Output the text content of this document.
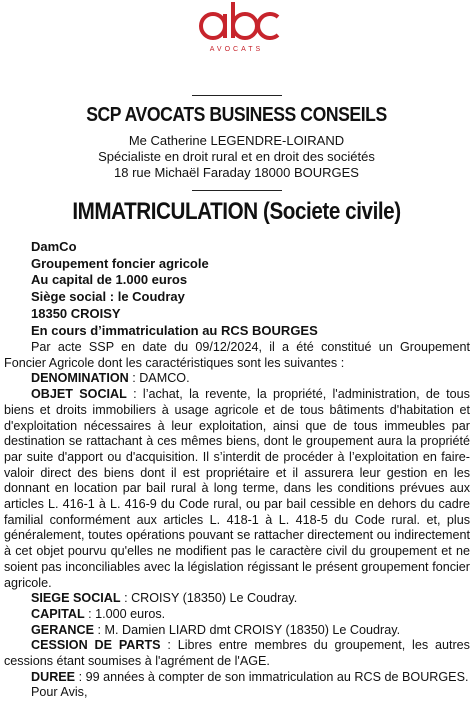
AVOCATS
SCP AVOCATS BUSINESS CONSEILS
Me Catherine LEGENDRE-LOIRAND
Spécialiste en droit rural et en droit des sociétés
18 rue Michaël Faraday 18000 BOURGES
IMMATRICULATION (Societe civile)
DamCo
Groupement foncier agricole
Au capital de 1.000 euros
Siège social : le Coudray
18350 CROISY
En cours d’immatriculation au RCS BOURGES

Par acte SSP en date du 09/12/2024, il a été constitué un Groupement Foncier Agricole dont les caractéristiques sont les suivantes :

DENOMINATION : DAMCO.

OBJET SOCIAL : l’achat, la revente, la propriété, l'administration, de tous biens et droits immobiliers à usage agricole et de tous bâtiments d'habitation et d'exploitation nécessaires à leur exploitation, ainsi que de tous immeubles par destination se rattachant à ces mêmes biens, dont le groupement aura la propriété par suite d'apport ou d'acquisition. Il s’interdit de procéder à l’exploitation en faire-valoir direct des biens dont il est propriétaire et il assurera leur gestion en les donnant en location par bail rural à long terme, dans les conditions prévues aux articles L. 416-1 à L. 416-9 du Code rural, ou par bail cessible en dehors du cadre familial conformément aux articles L. 418-1 à L. 418-5 du Code rural. et, plus généralement, toutes opérations pouvant se rattacher directement ou indirectement à cet objet pourvu qu'elles ne modifient pas le caractère civil du groupement et ne soient pas inconciliables avec la législation régissant le présent groupement foncier agricole.

SIEGE SOCIAL : CROISY (18350) Le Coudray.

CAPITAL : 1.000 euros.

GERANCE : M. Damien LIARD dmt CROISY (18350) Le Coudray.

CESSION DE PARTS : Libres entre membres du groupement, les autres cessions étant soumises à l'agrément de l'AGE.

DUREE : 99 années à compter de son immatriculation au RCS de BOURGES.

Pour Avis,
